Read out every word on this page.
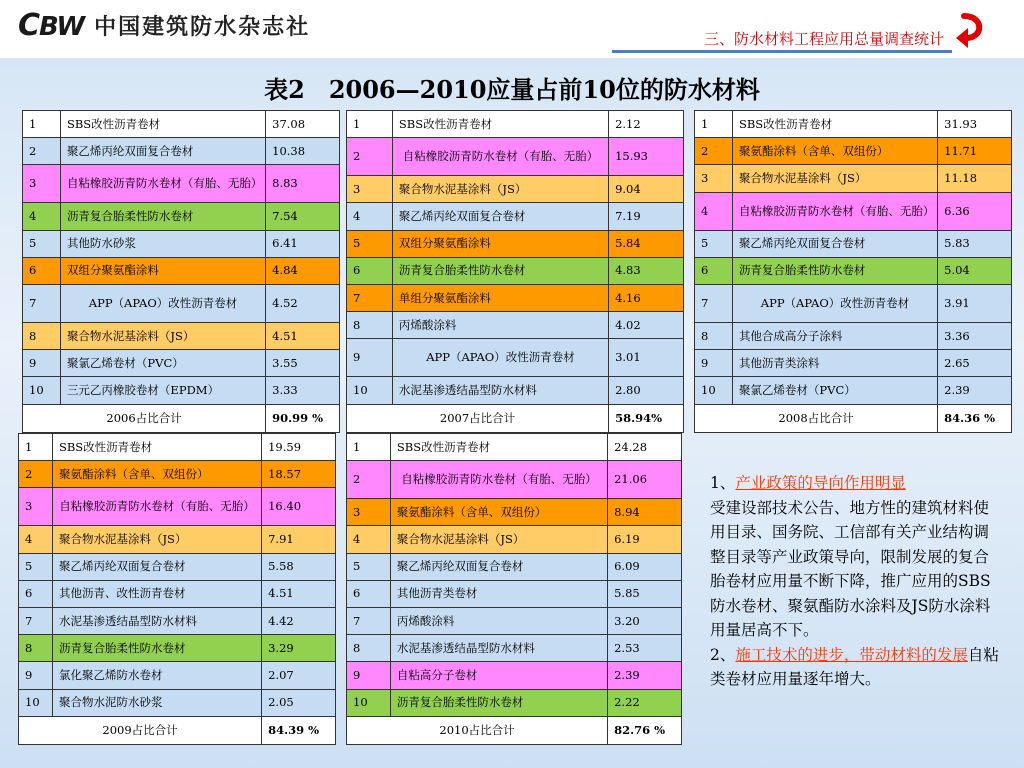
CBW 中国建筑防水杂志社	三、防水材料工程应用总量调查统计
表2　2006—2010应量占前10位的防水材料
1	SBS改性沥青卷材	37.08
2	聚乙烯丙纶双面复合卷材	10.38
3	自粘橡胶沥青防水卷材（有胎、无胎）	8.83
4	沥青复合胎柔性防水卷材	7.54
5	其他防水砂浆	6.41
6	双组分聚氨酯涂料	4.84
7	APP（APAO）改性沥青卷材	4.52
8	聚合物水泥基涂料（JS）	4.51
9	聚氯乙烯卷材（PVC）	3.55
10	三元乙丙橡胶卷材（EPDM）	3.33
2006占比合计		90.99 %
1	SBS改性沥青卷材	2.12
2	自粘橡胶沥青防水卷材（有胎、无胎）	15.93
3	聚合物水泥基涂料（JS）	9.04
4	聚乙烯丙纶双面复合卷材	7.19
5	双组分聚氨酯涂料	5.84
6	沥青复合胎柔性防水卷材	4.83
7	单组分聚氨酯涂料	4.16
8	丙烯酸涂料	4.02
9	APP（APAO）改性沥青卷材	3.01
10	水泥基渗透结晶型防水材料	2.80
2007占比合计		58.94%
1	SBS改性沥青卷材	31.93
2	聚氨酯涂料（含单、双组份）	11.71
3	聚合物水泥基涂料（JS）	11.18
4	自粘橡胶沥青防水卷材（有胎、无胎）	6.36
5	聚乙烯丙纶双面复合卷材	5.83
6	沥青复合胎柔性防水卷材	5.04
7	APP（APAO）改性沥青卷材	3.91
8	其他合成高分子涂料	3.36
9	其他沥青类涂料	2.65
10	聚氯乙烯卷材（PVC）	2.39
2008占比合计		84.36 %
1	SBS改性沥青卷材	19.59
2	聚氨酯涂料（含单、双组份）	18.57
3	自粘橡胶沥青防水卷材（有胎、无胎）	16.40
4	聚合物水泥基涂料（JS）	7.91
5	聚乙烯丙纶双面复合卷材	5.58
6	其他沥青、改性沥青卷材	4.51
7	水泥基渗透结晶型防水材料	4.42
8	沥青复合胎柔性防水卷材	3.29
9	氯化聚乙烯防水卷材	2.07
10	聚合物水泥防水砂浆	2.05
2009占比合计		84.39 %
1	SBS改性沥青卷材	24.28
2	自粘橡胶沥青防水卷材（有胎、无胎）	21.06
3	聚氨酯涂料（含单、双组份）	8.94
4	聚合物水泥基涂料（JS）	6.19
5	聚乙烯丙纶双面复合卷材	6.09
6	其他沥青类卷材	5.85
7	丙烯酸涂料	3.20
8	水泥基渗透结晶型防水材料	2.53
9	自粘高分子卷材	2.39
10	沥青复合胎柔性防水卷材	2.22
2010占比合计		82.76 %
1、产业政策的导向作用明显
受建设部技术公告、地方性的建筑材料使用目录、国务院、工信部有关产业结构调整目录等产业政策导向，限制发展的复合胎卷材应用量不断下降，推广应用的SBS防水卷材、聚氨酯防水涂料及JS防水涂料用量居高不下。
2、施工技术的进步，带动材料的发展自粘类卷材应用量逐年增大。
